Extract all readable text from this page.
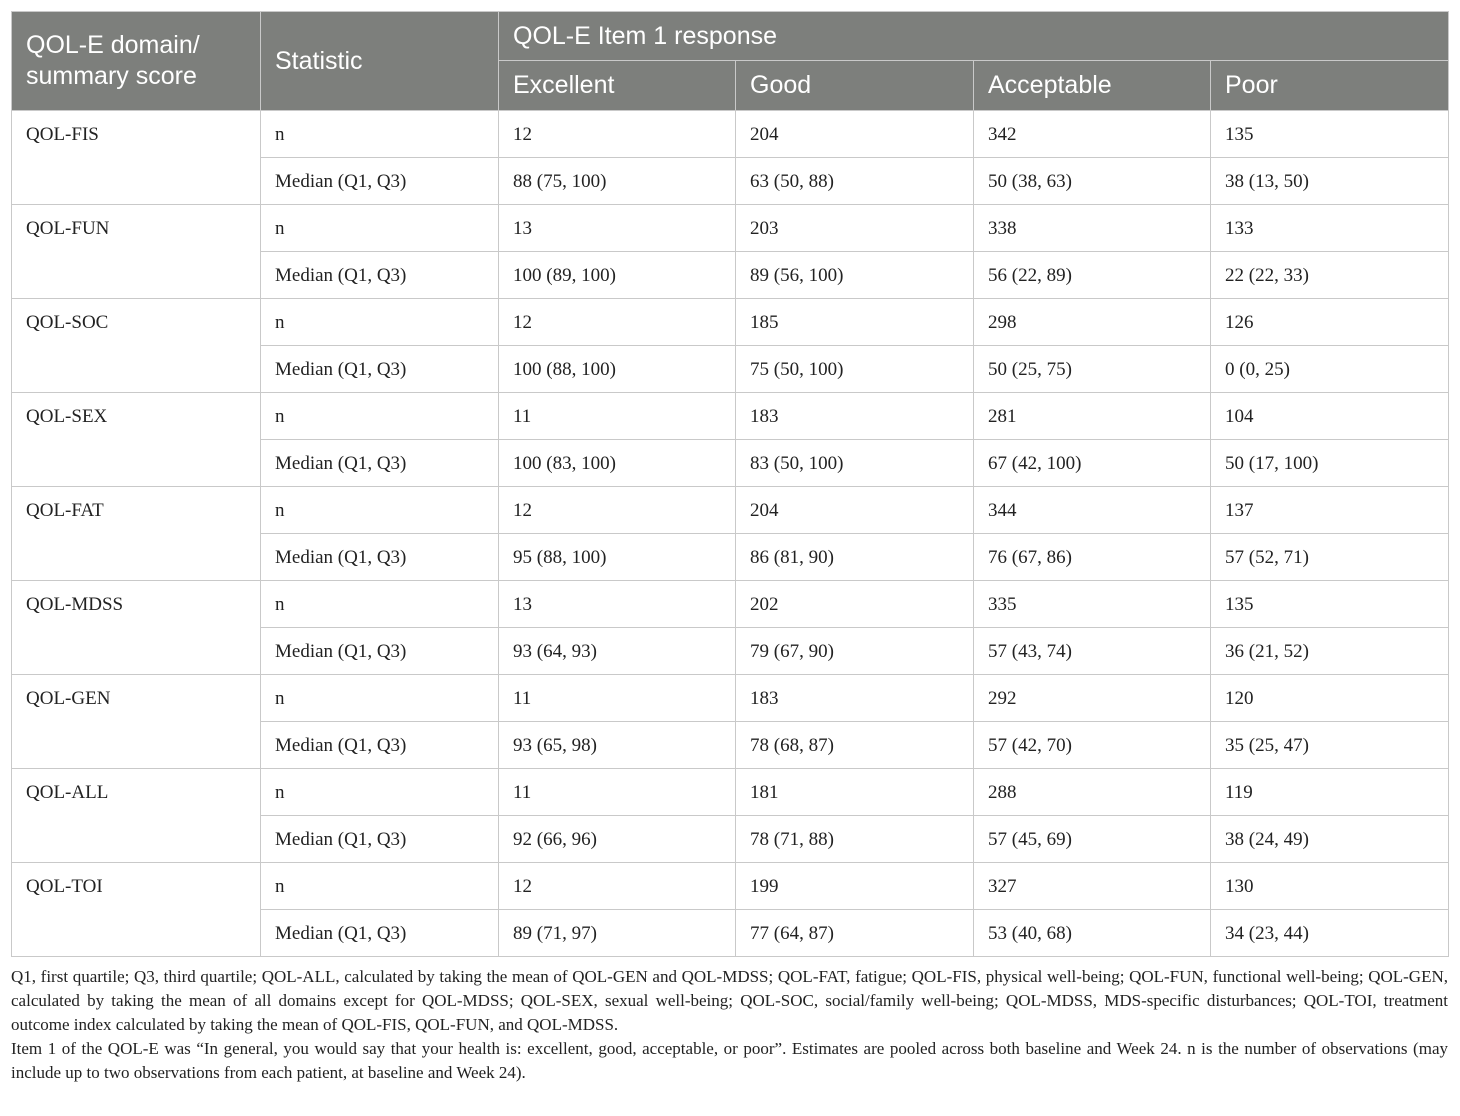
QOL-E domain/ summary score	Statistic	QOL-E Item 1 response			
		Excellent	Good	Acceptable	Poor
QOL-FIS	n	12	204	342	135
	Median (Q1, Q3)	88 (75, 100)	63 (50, 88)	50 (38, 63)	38 (13, 50)
QOL-FUN	n	13	203	338	133
	Median (Q1, Q3)	100 (89, 100)	89 (56, 100)	56 (22, 89)	22 (22, 33)
QOL-SOC	n	12	185	298	126
	Median (Q1, Q3)	100 (88, 100)	75 (50, 100)	50 (25, 75)	0 (0, 25)
QOL-SEX	n	11	183	281	104
	Median (Q1, Q3)	100 (83, 100)	83 (50, 100)	67 (42, 100)	50 (17, 100)
QOL-FAT	n	12	204	344	137
	Median (Q1, Q3)	95 (88, 100)	86 (81, 90)	76 (67, 86)	57 (52, 71)
QOL-MDSS	n	13	202	335	135
	Median (Q1, Q3)	93 (64, 93)	79 (67, 90)	57 (43, 74)	36 (21, 52)
QOL-GEN	n	11	183	292	120
	Median (Q1, Q3)	93 (65, 98)	78 (68, 87)	57 (42, 70)	35 (25, 47)
QOL-ALL	n	11	181	288	119
	Median (Q1, Q3)	92 (66, 96)	78 (71, 88)	57 (45, 69)	38 (24, 49)
QOL-TOI	n	12	199	327	130
	Median (Q1, Q3)	89 (71, 97)	77 (64, 87)	53 (40, 68)	34 (23, 44)

Q1, first quartile; Q3, third quartile; QOL-ALL, calculated by taking the mean of QOL-GEN and QOL-MDSS; QOL-FAT, fatigue; QOL-FIS, physical well-being; QOL-FUN, functional well-being; QOL-GEN, calculated by taking the mean of all domains except for QOL-MDSS; QOL-SEX, sexual well-being; QOL-SOC, social/family well-being; QOL-MDSS, MDS-specific disturbances; QOL-TOI, treatment outcome index calculated by taking the mean of QOL-FIS, QOL-FUN, and QOL-MDSS.

Item 1 of the QOL-E was “In general, you would say that your health is: excellent, good, acceptable, or poor”. Estimates are pooled across both baseline and Week 24. n is the number of observations (may include up to two observations from each patient, at baseline and Week 24).
